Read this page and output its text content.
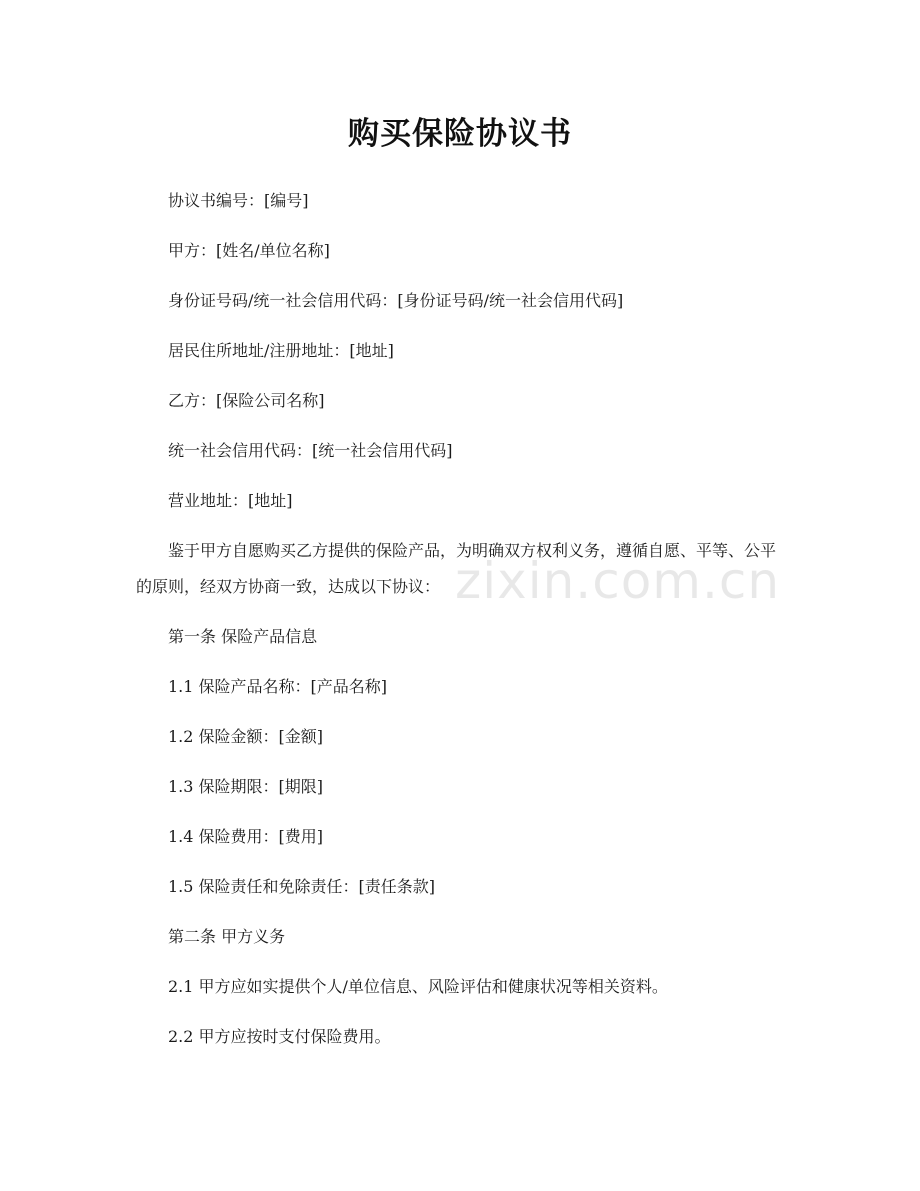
购买保险协议书
协议书编号：[编号]
甲方：[姓名/单位名称]
身份证号码/统一社会信用代码：[身份证号码/统一社会信用代码]
居民住所地址/注册地址：[地址]
乙方：[保险公司名称]
统一社会信用代码：[统一社会信用代码]
营业地址：[地址]
鉴于甲方自愿购买乙方提供的保险产品，为明确双方权利义务，遵循自愿、平等、公平的原则，经双方协商一致，达成以下协议：
第一条 保险产品信息
1.1 保险产品名称：[产品名称]
1.2 保险金额：[金额]
1.3 保险期限：[期限]
1.4 保险费用：[费用]
1.5 保险责任和免除责任：[责任条款]
第二条 甲方义务
2.1 甲方应如实提供个人/单位信息、风险评估和健康状况等相关资料。
2.2 甲方应按时支付保险费用。
zixin.com.cn
